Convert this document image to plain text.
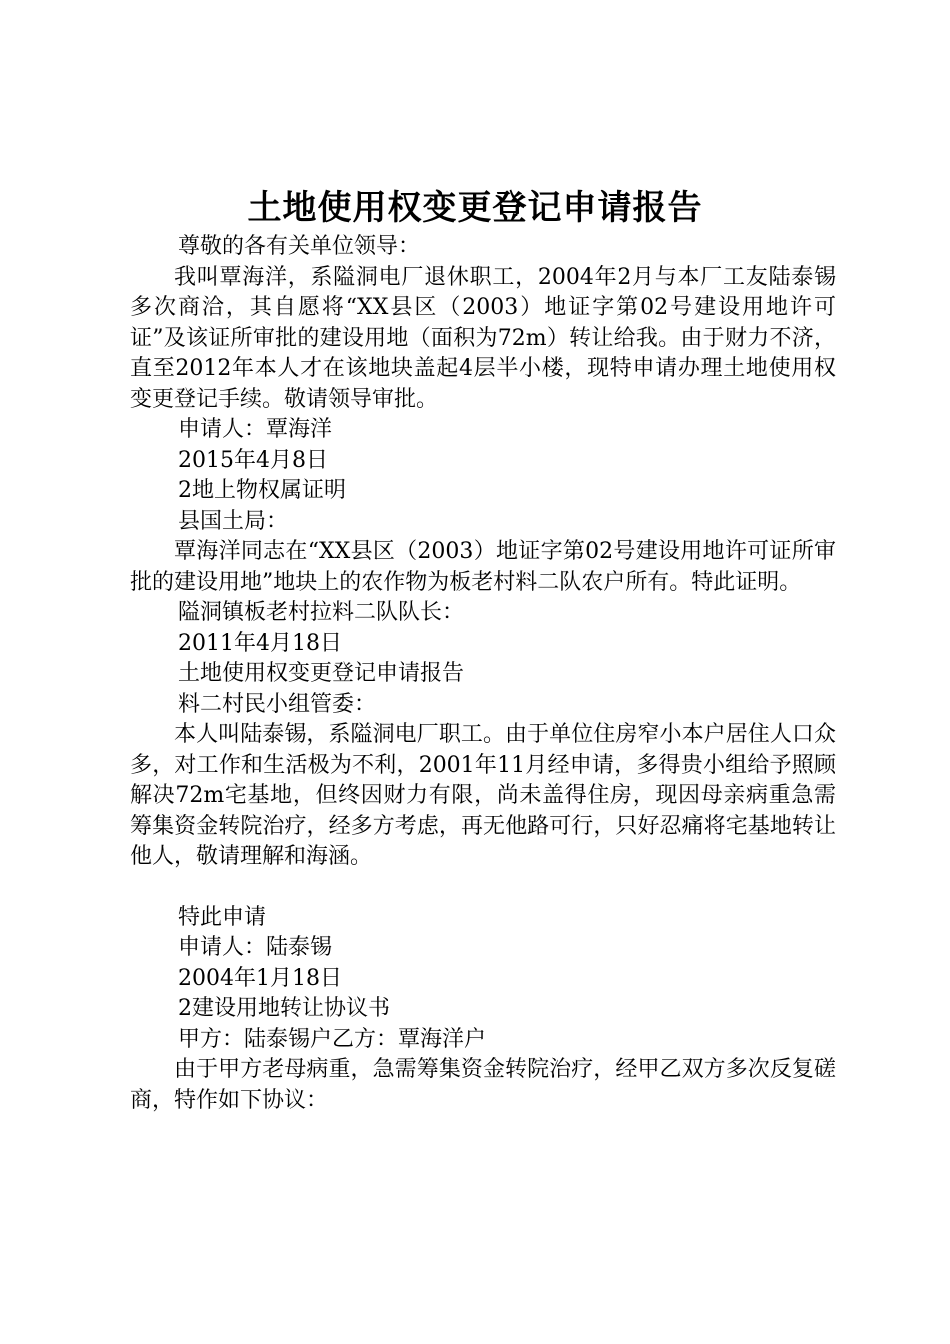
土地使用权变更登记申请报告

尊敬的各有关单位领导：

我叫覃海洋，系隘洞电厂退休职工，2004年2月与本厂工友陆泰锡多次商洽，其自愿将“XX县区（2003）地证字第02号建设用地许可证”及该证所审批的建设用地（面积为72m）转让给我。由于财力不济，直至2012年本人才在该地块盖起4层半小楼，现特申请办理土地使用权变更登记手续。敬请领导审批。

申请人：覃海洋

2015年4月8日

2地上物权属证明

县国土局：

覃海洋同志在“XX县区（2003）地证字第02号建设用地许可证所审批的建设用地”地块上的农作物为板老村料二队农户所有。特此证明。

隘洞镇板老村拉料二队队长：

2011年4月18日

土地使用权变更登记申请报告

料二村民小组管委：

本人叫陆泰锡，系隘洞电厂职工。由于单位住房窄小本户居住人口众多，对工作和生活极为不利，2001年11月经申请，多得贵小组给予照顾解决72m宅基地，但终因财力有限，尚未盖得住房，现因母亲病重急需筹集资金转院治疗，经多方考虑，再无他路可行，只好忍痛将宅基地转让他人，敬请理解和海涵。

特此申请

申请人：陆泰锡

2004年1月18日

2建设用地转让协议书

甲方：陆泰锡户乙方：覃海洋户

由于甲方老母病重，急需筹集资金转院治疗，经甲乙双方多次反复磋商，特作如下协议：
